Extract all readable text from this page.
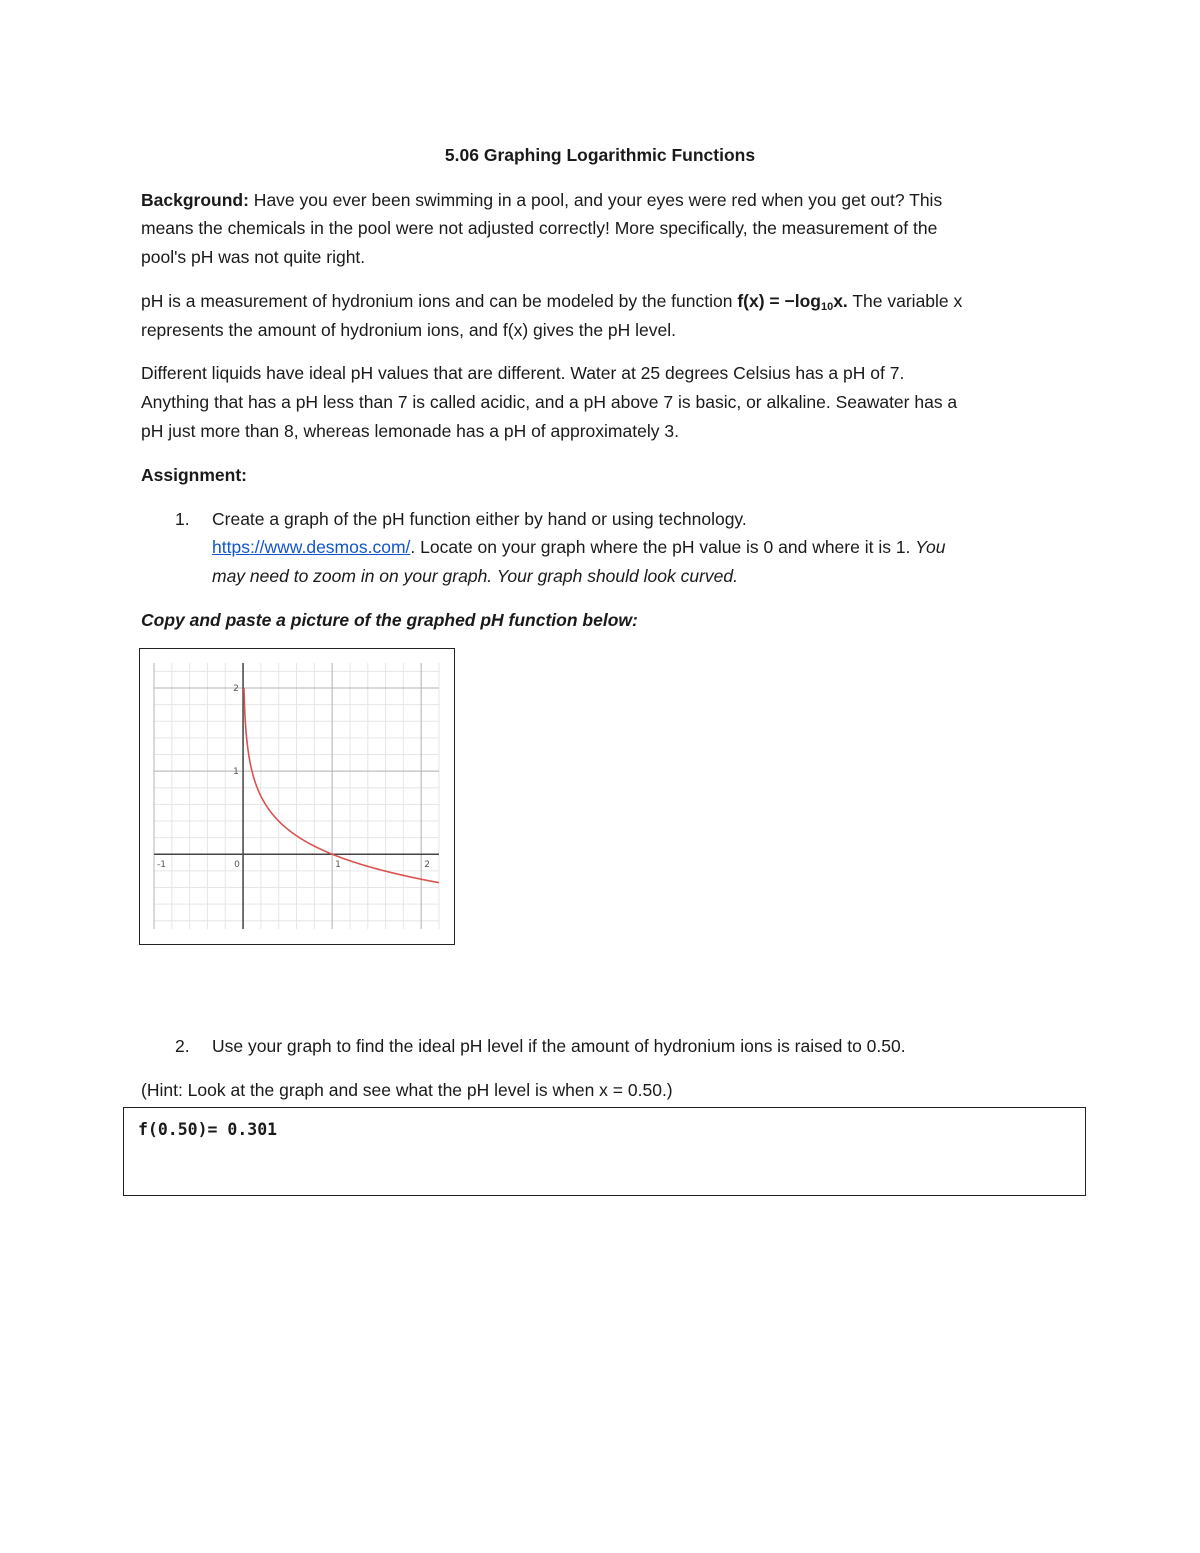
5.06 Graphing Logarithmic Functions
Background: Have you ever been swimming in a pool, and your eyes were red when you get out? This
means the chemicals in the pool were not adjusted correctly! More specifically, the measurement of the
pool's pH was not quite right.
pH is a measurement of hydronium ions and can be modeled by the function $f(x) = -\log_{10}x$. The variable x
represents the amount of hydronium ions, and f(x) gives the pH level.
Different liquids have ideal pH values that are different. Water at 25 degrees Celsius has a pH of 7.
Anything that has a pH less than 7 is called acidic, and a pH above 7 is basic, or alkaline. Seawater has a
pH just more than 8, whereas lemonade has a pH of approximately 3.
Assignment:
1. Create a graph of the pH function either by hand or using technology.
https://www.desmos.com/. Locate on your graph where the pH value is 0 and where it is 1. You
may need to zoom in on your graph. Your graph should look curved.
Copy and paste a picture of the graphed pH function below:
-1	0	1	2
1
2
2. Use your graph to find the ideal pH level if the amount of hydronium ions is raised to 0.50.
(Hint: Look at the graph and see what the pH level is when x = 0.50.)
f(0.50)= 0.301
